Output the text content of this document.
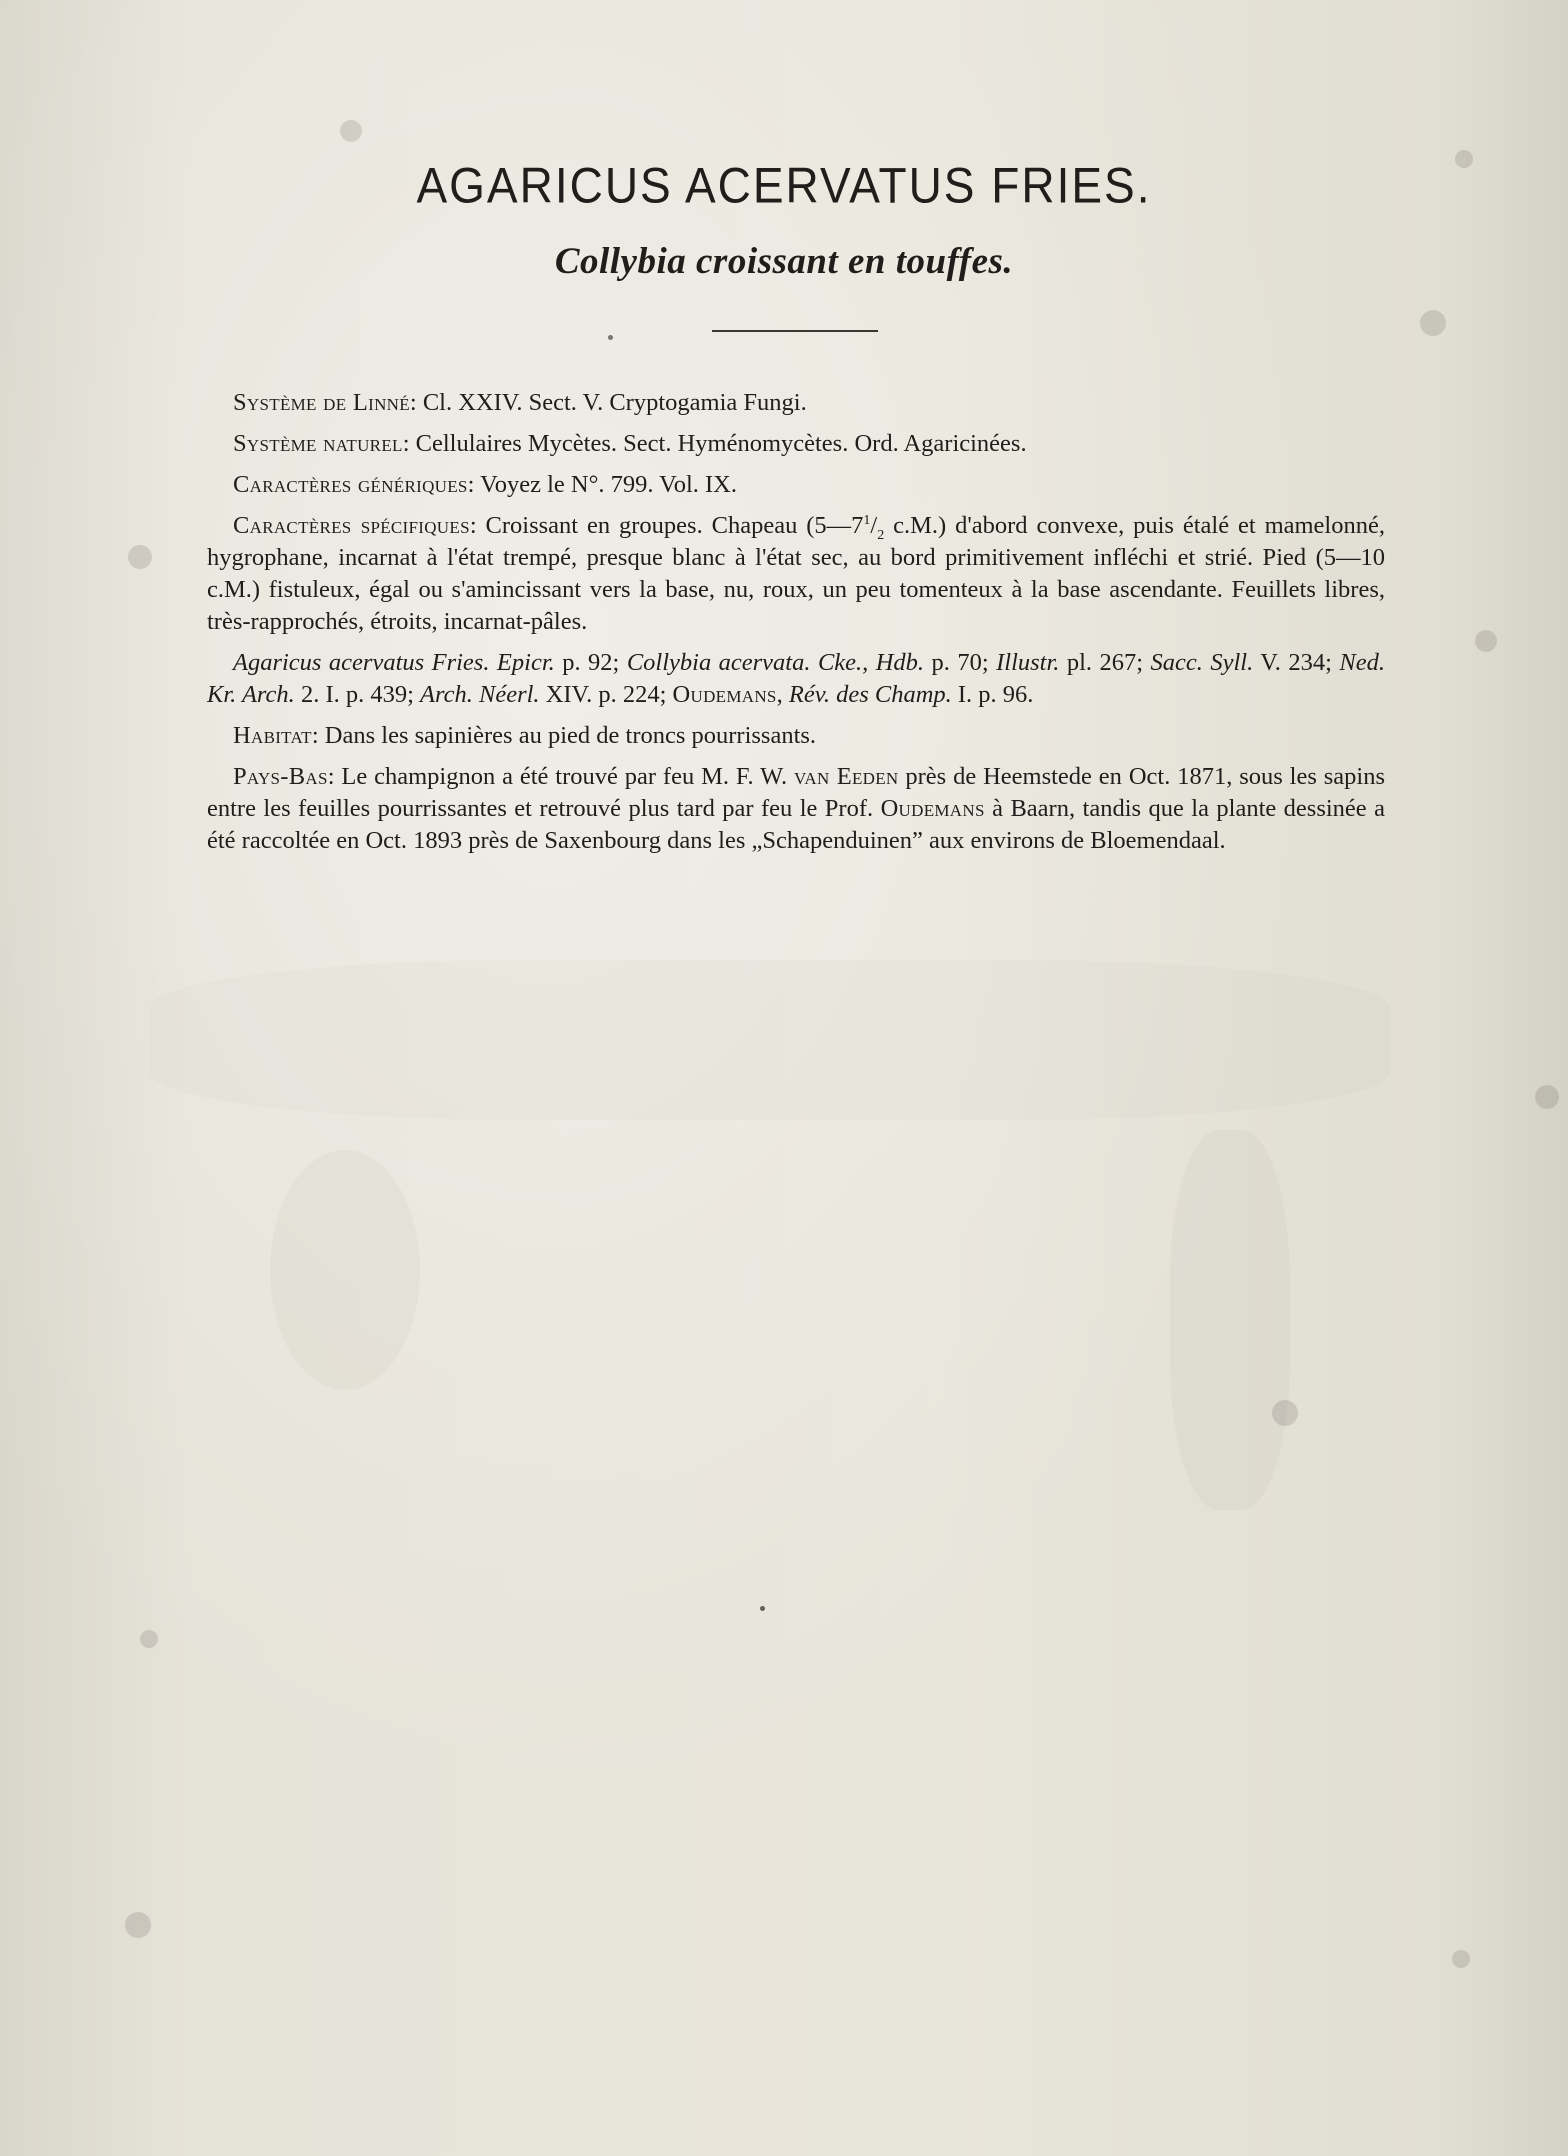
AGARICUS ACERVATUS FRIES.
Collybia croissant en touffes.

Système de Linné: Cl. XXIV. Sect. V. Cryptogamia Fungi.

Système naturel: Cellulaires Mycètes. Sect. Hyménomycètes. Ord. Agaricinées.

Caractères génériques: Voyez le N°. 799. Vol. IX.

Caractères spécifiques: Croissant en groupes. Chapeau ($5—7^1/_2$ c.M.) d'abord convexe, puis étalé et mamelonné, hygrophane, incarnat à l'état trempé, presque blanc à l'état sec, au bord primitivement infléchi et strié. Pied (5—10 c.M.) fistuleux, égal ou s'amincissant vers la base, nu, roux, un peu tomenteux à la base ascendante. Feuillets libres, très-rapprochés, étroits, incarnat-pâles.

Agaricus acervatus Fries. Epicr. p. 92; Collybia acervata. Cke., Hdb. p. 70; Illustr. pl. 267; Sacc. Syll. V. 234; Ned. Kr. Arch. 2. I. p. 439; Arch. Néerl. XIV. p. 224; Oudemans, Rév. des Champ. I. p. 96.

Habitat: Dans les sapinières au pied de troncs pourrissants.

Pays-Bas: Le champignon a été trouvé par feu M. F. W. van Eeden près de Heemstede en Oct. 1871, sous les sapins entre les feuilles pourrissantes et retrouvé plus tard par feu le Prof. Oudemans à Baarn, tandis que la plante dessinée a été raccoltée en Oct. 1893 près de Saxenbourg dans les „Schapenduinen” aux environs de Bloemendaal.
